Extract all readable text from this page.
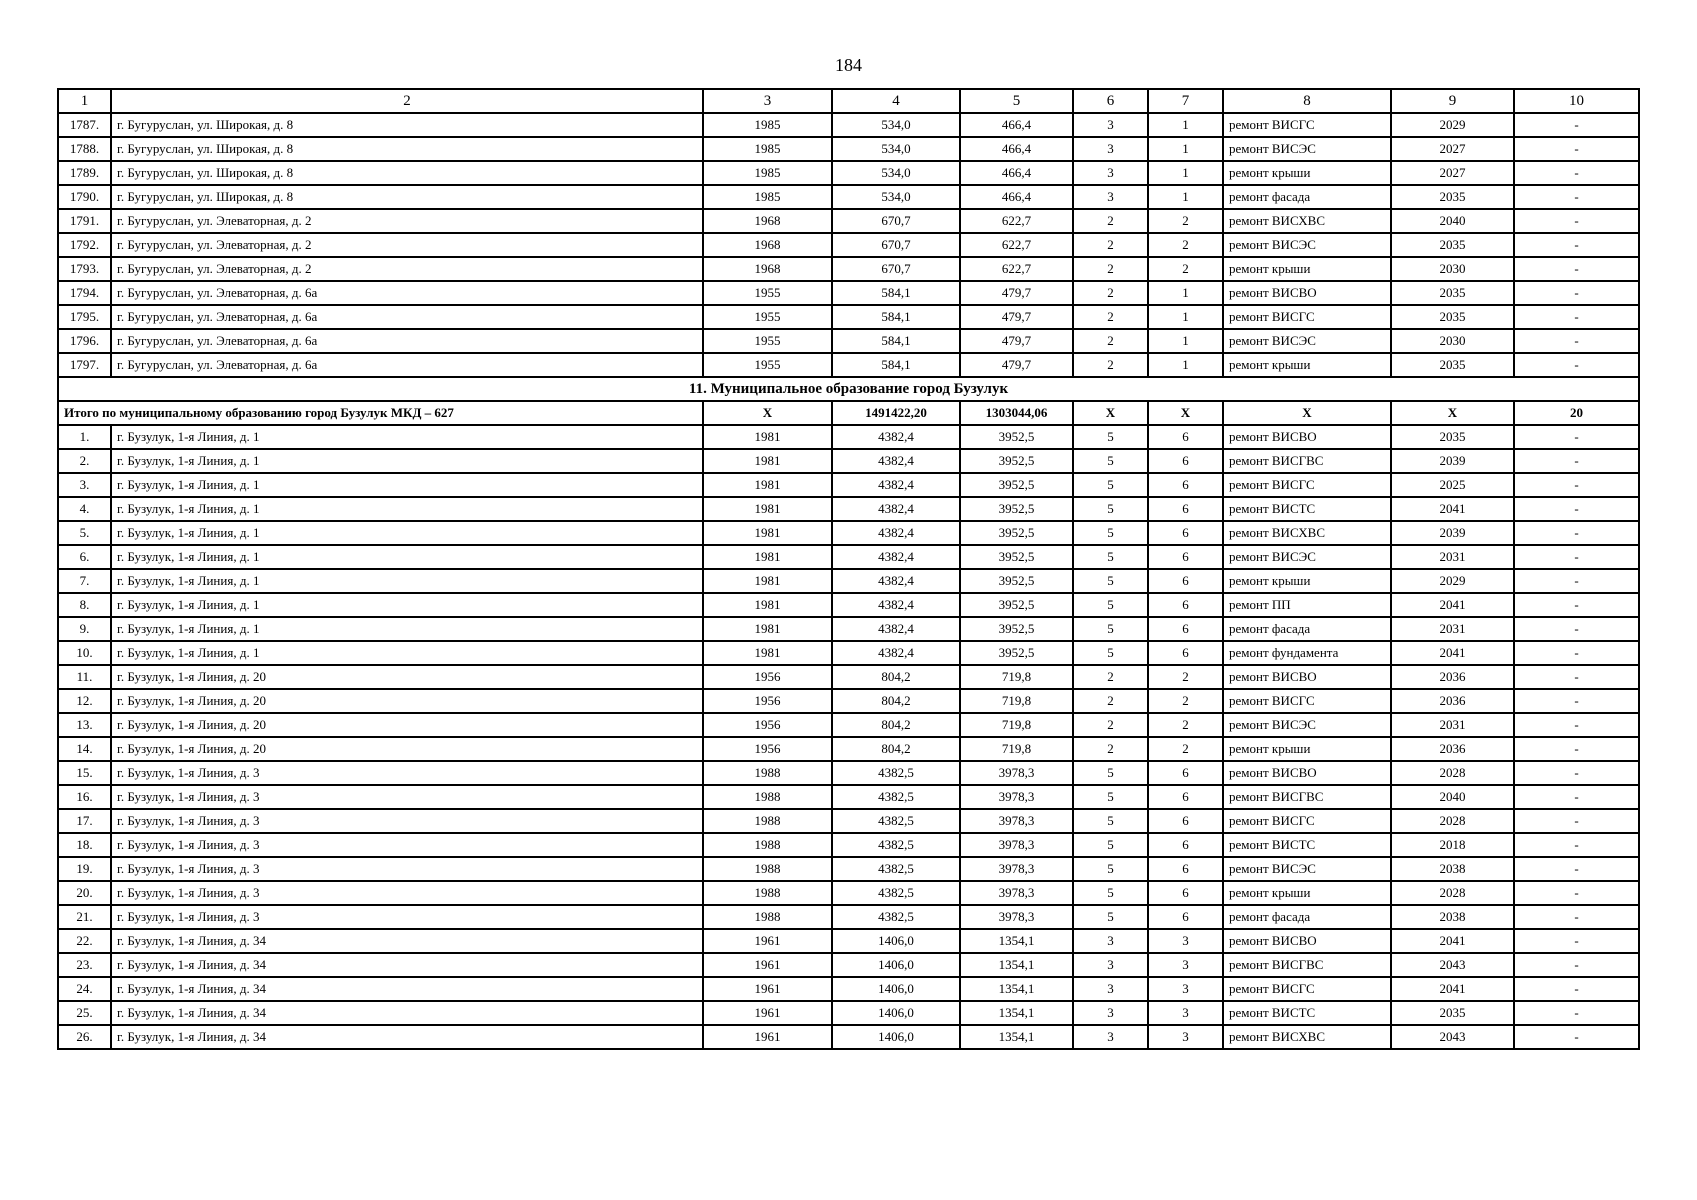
184
1	2	3	4	5	6	7	8	9	10
1787.	г. Бугуруслан, ул. Широкая, д. 8	1985	534,0	466,4	3	1	ремонт ВИСГС	2029	-
1788.	г. Бугуруслан, ул. Широкая, д. 8	1985	534,0	466,4	3	1	ремонт ВИСЭС	2027	-
1789.	г. Бугуруслан, ул. Широкая, д. 8	1985	534,0	466,4	3	1	ремонт крыши	2027	-
1790.	г. Бугуруслан, ул. Широкая, д. 8	1985	534,0	466,4	3	1	ремонт фасада	2035	-
1791.	г. Бугуруслан, ул. Элеваторная, д. 2	1968	670,7	622,7	2	2	ремонт ВИСХВС	2040	-
1792.	г. Бугуруслан, ул. Элеваторная, д. 2	1968	670,7	622,7	2	2	ремонт ВИСЭС	2035	-
1793.	г. Бугуруслан, ул. Элеваторная, д. 2	1968	670,7	622,7	2	2	ремонт крыши	2030	-
1794.	г. Бугуруслан, ул. Элеваторная, д. 6а	1955	584,1	479,7	2	1	ремонт ВИСВО	2035	-
1795.	г. Бугуруслан, ул. Элеваторная, д. 6а	1955	584,1	479,7	2	1	ремонт ВИСГС	2035	-
1796.	г. Бугуруслан, ул. Элеваторная, д. 6а	1955	584,1	479,7	2	1	ремонт ВИСЭС	2030	-
1797.	г. Бугуруслан, ул. Элеваторная, д. 6а	1955	584,1	479,7	2	1	ремонт крыши	2035	-
11. Муниципальное образование город Бузулук									
Итого по муниципальному образованию город Бузулук МКД – 627		X	1491422,20	1303044,06	X	X	X	X	20
1.	г. Бузулук, 1-я Линия, д. 1	1981	4382,4	3952,5	5	6	ремонт ВИСВО	2035	-
2.	г. Бузулук, 1-я Линия, д. 1	1981	4382,4	3952,5	5	6	ремонт ВИСГВС	2039	-
3.	г. Бузулук, 1-я Линия, д. 1	1981	4382,4	3952,5	5	6	ремонт ВИСГС	2025	-
4.	г. Бузулук, 1-я Линия, д. 1	1981	4382,4	3952,5	5	6	ремонт ВИСТС	2041	-
5.	г. Бузулук, 1-я Линия, д. 1	1981	4382,4	3952,5	5	6	ремонт ВИСХВС	2039	-
6.	г. Бузулук, 1-я Линия, д. 1	1981	4382,4	3952,5	5	6	ремонт ВИСЭС	2031	-
7.	г. Бузулук, 1-я Линия, д. 1	1981	4382,4	3952,5	5	6	ремонт крыши	2029	-
8.	г. Бузулук, 1-я Линия, д. 1	1981	4382,4	3952,5	5	6	ремонт ПП	2041	-
9.	г. Бузулук, 1-я Линия, д. 1	1981	4382,4	3952,5	5	6	ремонт фасада	2031	-
10.	г. Бузулук, 1-я Линия, д. 1	1981	4382,4	3952,5	5	6	ремонт фундамента	2041	-
11.	г. Бузулук, 1-я Линия, д. 20	1956	804,2	719,8	2	2	ремонт ВИСВО	2036	-
12.	г. Бузулук, 1-я Линия, д. 20	1956	804,2	719,8	2	2	ремонт ВИСГС	2036	-
13.	г. Бузулук, 1-я Линия, д. 20	1956	804,2	719,8	2	2	ремонт ВИСЭС	2031	-
14.	г. Бузулук, 1-я Линия, д. 20	1956	804,2	719,8	2	2	ремонт крыши	2036	-
15.	г. Бузулук, 1-я Линия, д. 3	1988	4382,5	3978,3	5	6	ремонт ВИСВО	2028	-
16.	г. Бузулук, 1-я Линия, д. 3	1988	4382,5	3978,3	5	6	ремонт ВИСГВС	2040	-
17.	г. Бузулук, 1-я Линия, д. 3	1988	4382,5	3978,3	5	6	ремонт ВИСГС	2028	-
18.	г. Бузулук, 1-я Линия, д. 3	1988	4382,5	3978,3	5	6	ремонт ВИСТС	2018	-
19.	г. Бузулук, 1-я Линия, д. 3	1988	4382,5	3978,3	5	6	ремонт ВИСЭС	2038	-
20.	г. Бузулук, 1-я Линия, д. 3	1988	4382,5	3978,3	5	6	ремонт крыши	2028	-
21.	г. Бузулук, 1-я Линия, д. 3	1988	4382,5	3978,3	5	6	ремонт фасада	2038	-
22.	г. Бузулук, 1-я Линия, д. 34	1961	1406,0	1354,1	3	3	ремонт ВИСВО	2041	-
23.	г. Бузулук, 1-я Линия, д. 34	1961	1406,0	1354,1	3	3	ремонт ВИСГВС	2043	-
24.	г. Бузулук, 1-я Линия, д. 34	1961	1406,0	1354,1	3	3	ремонт ВИСГС	2041	-
25.	г. Бузулук, 1-я Линия, д. 34	1961	1406,0	1354,1	3	3	ремонт ВИСТС	2035	-
26.	г. Бузулук, 1-я Линия, д. 34	1961	1406,0	1354,1	3	3	ремонт ВИСХВС	2043	-
